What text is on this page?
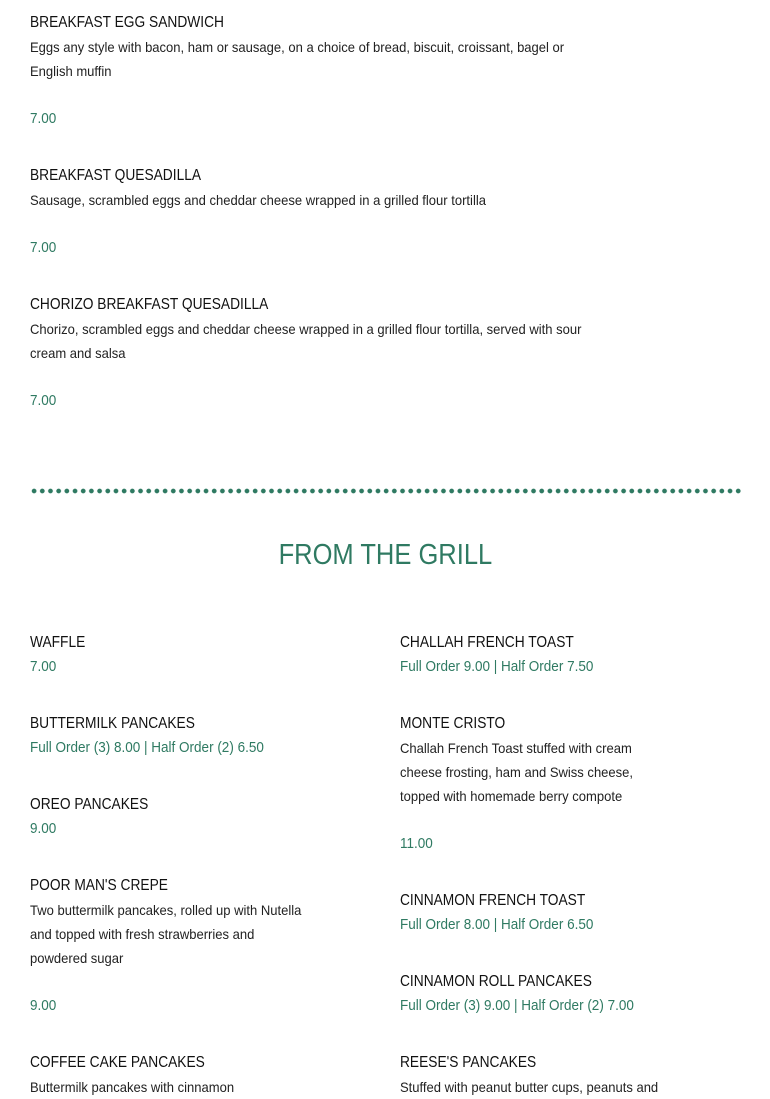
BREAKFAST EGG SANDWICH
Eggs any style with bacon, ham or sausage, on a choice of bread, biscuit, croissant, bagel or English muffin
7.00
BREAKFAST QUESADILLA
Sausage, scrambled eggs and cheddar cheese wrapped in a grilled flour tortilla
7.00
CHORIZO BREAKFAST QUESADILLA
Chorizo, scrambled eggs and cheddar cheese wrapped in a grilled flour tortilla, served with sour cream and salsa
7.00
FROM THE GRILL
WAFFLE
7.00
BUTTERMILK PANCAKES
Full Order (3) 8.00 | Half Order (2) 6.50
OREO PANCAKES
9.00
POOR MAN'S CREPE
Two buttermilk pancakes, rolled up with Nutella and topped with fresh strawberries and powdered sugar
9.00
COFFEE CAKE PANCAKES
Buttermilk pancakes with cinnamon
CHALLAH FRENCH TOAST
Full Order 9.00 | Half Order 7.50
MONTE CRISTO
Challah French Toast stuffed with cream cheese frosting, ham and Swiss cheese, topped with homemade berry compote
11.00
CINNAMON FRENCH TOAST
Full Order 8.00 | Half Order 6.50
CINNAMON ROLL PANCAKES
Full Order (3) 9.00 | Half Order (2) 7.00
REESE'S PANCAKES
Stuffed with peanut butter cups, peanuts and
